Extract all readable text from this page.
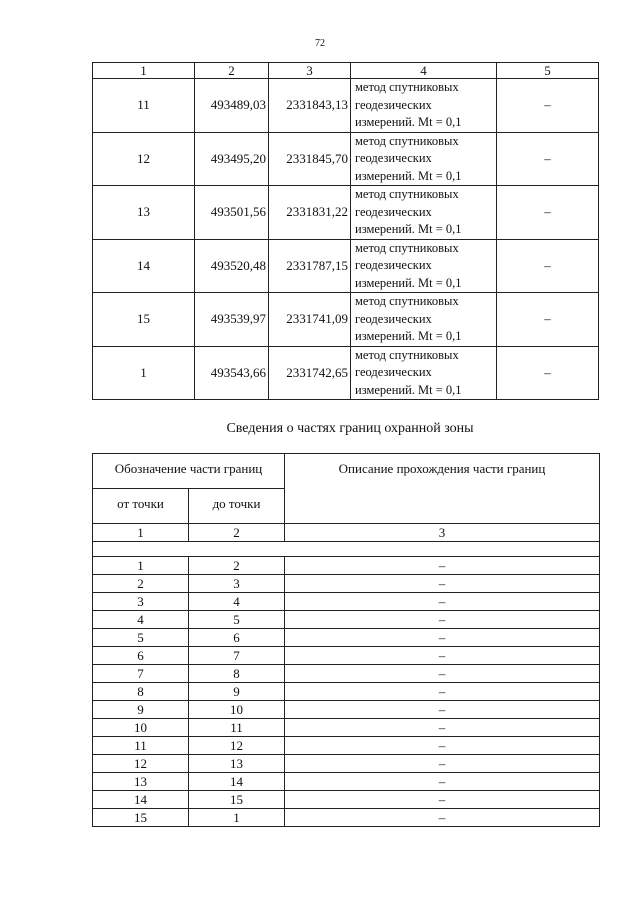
72
1	2	3	4	5
11	493489,03	2331843,13	метод спутниковых
геодезических
измерений. Mt = 0,1	–
12	493495,20	2331845,70	метод спутниковых
геодезических
измерений. Mt = 0,1	–
13	493501,56	2331831,22	метод спутниковых
геодезических
измерений. Mt = 0,1	–
14	493520,48	2331787,15	метод спутниковых
геодезических
измерений. Mt = 0,1	–
15	493539,97	2331741,09	метод спутниковых
геодезических
измерений. Mt = 0,1	–
1	493543,66	2331742,65	метод спутниковых
геодезических
измерений. Mt = 0,1	–
Сведения о частях границ охранной зоны
Обозначение части границ		Описание прохождения части границ
от точки	до точки	
1	2	3

1	2	–
2	3	–
3	4	–
4	5	–
5	6	–
6	7	–
7	8	–
8	9	–
9	10	–
10	11	–
11	12	–
12	13	–
13	14	–
14	15	–
15	1	–
